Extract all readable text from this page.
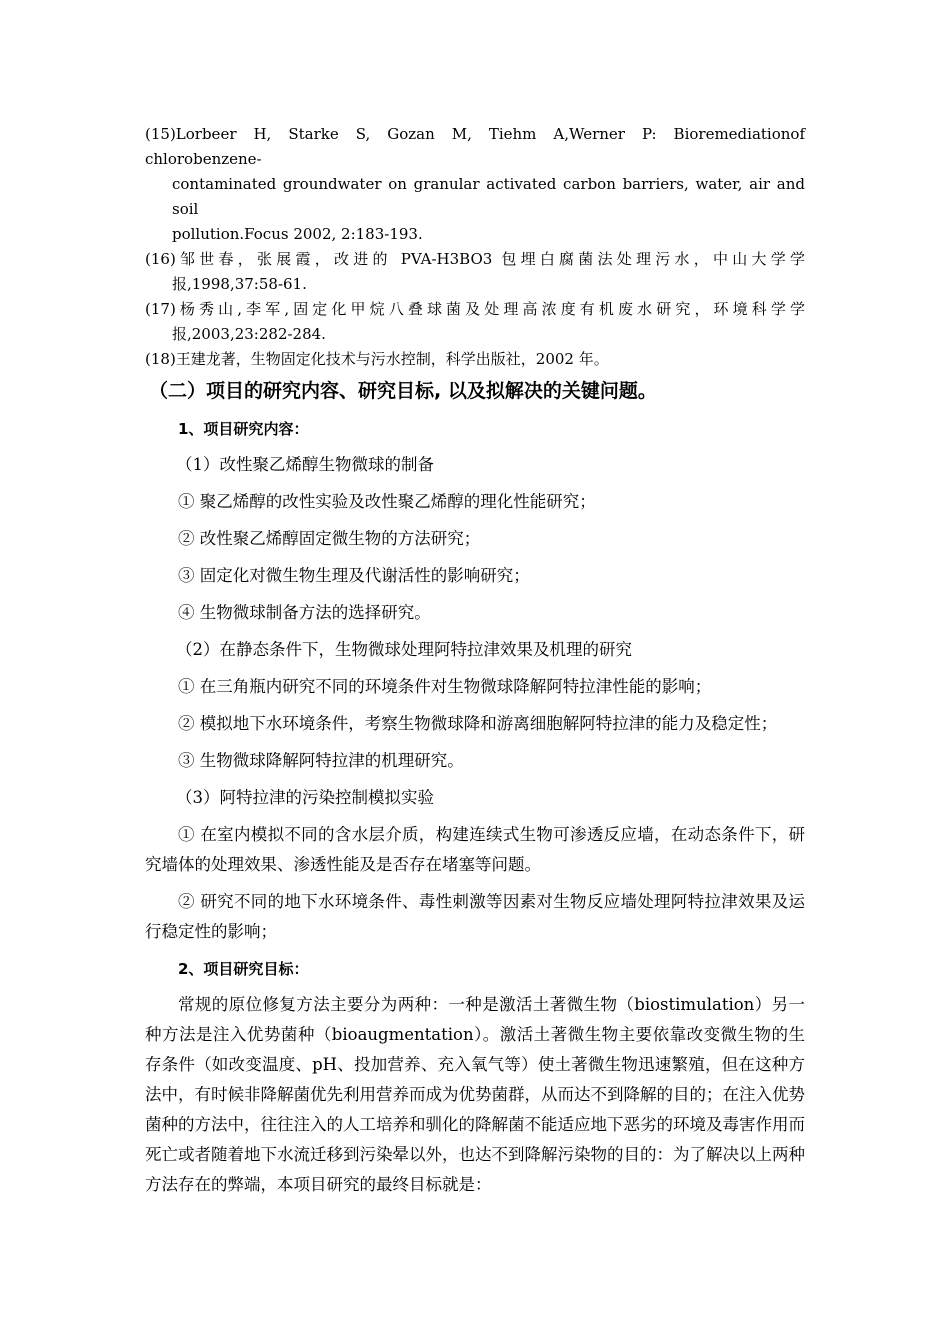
(15)Lorbeer H, Starke S, Gozan M, Tiehm A,Werner P: Bioremediationof chlorobenzene-
contaminated groundwater on granular activated carbon barriers, water, air and soil
pollution.Focus 2002, 2:183-193.
(16)邹世春，张展霞，改进的 PVA-H3BO3 包埋白腐菌法处理污水，中山大学学
报,1998,37:58-61.
(17)杨秀山,李军,固定化甲烷八叠球菌及处理高浓度有机废水研究，环境科学学
报,2003,23:282-284.
(18)王建龙著，生物固定化技术与污水控制，科学出版社，2002 年。
（二）项目的研究内容、研究目标, 以及拟解决的关键问题。
1、项目研究内容：

（1）改性聚乙烯醇生物微球的制备

① 聚乙烯醇的改性实验及改性聚乙烯醇的理化性能研究；

② 改性聚乙烯醇固定微生物的方法研究；

③ 固定化对微生物生理及代谢活性的影响研究；

④ 生物微球制备方法的选择研究。

（2）在静态条件下，生物微球处理阿特拉津效果及机理的研究

① 在三角瓶内研究不同的环境条件对生物微球降解阿特拉津性能的影响；

② 模拟地下水环境条件，考察生物微球降和游离细胞解阿特拉津的能力及稳定性；

③ 生物微球降解阿特拉津的机理研究。

（3）阿特拉津的污染控制模拟实验

① 在室内模拟不同的含水层介质，构建连续式生物可渗透反应墙，在动态条件下，研究墙体的处理效果、渗透性能及是否存在堵塞等问题。

② 研究不同的地下水环境条件、毒性刺激等因素对生物反应墙处理阿特拉津效果及运行稳定性的影响；

2、项目研究目标：

常规的原位修复方法主要分为两种：一种是激活土著微生物（biostimulation）另一种方法是注入优势菌种（bioaugmentation）。激活土著微生物主要依靠改变微生物的生存条件（如改变温度、pH、投加营养、充入氧气等）使土著微生物迅速繁殖，但在这种方法中，有时候非降解菌优先利用营养而成为优势菌群，从而达不到降解的目的；在注入优势菌种的方法中，往往注入的人工培养和驯化的降解菌不能适应地下恶劣的环境及毒害作用而死亡或者随着地下水流迁移到污染晕以外，也达不到降解污染物的目的：为了解决以上两种方法存在的弊端，本项目研究的最终目标就是：
